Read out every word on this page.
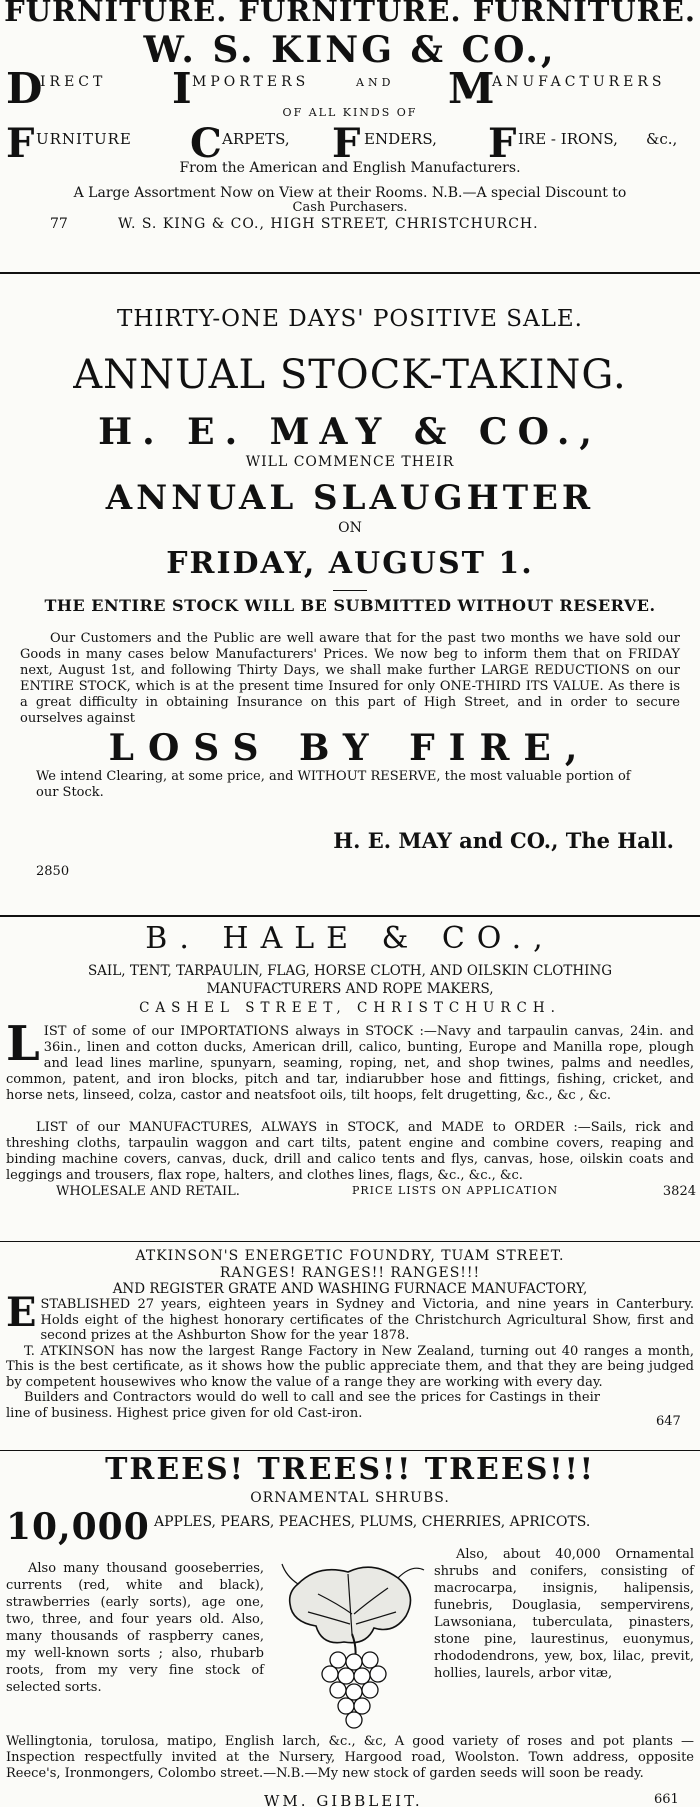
FURNITURE. FURNITURE. FURNITURE.
W. S. KING & CO.,
D
IRECT I
MPORTERS	AND M
ANUFACTURERS
OF ALL KINDS OF
F URNITURE C ARPETS, F ENDERS, F IRE - IRONS, &c.,
From the American and English Manufacturers.
A Large Assortment Now on View at their Rooms. N.B.—A special Discount to
Cash Purchasers.
77	W. S. KING & CO., HIGH STREET, CHRISTCHURCH.
THIRTY-ONE DAYS' POSITIVE SALE.
ANNUAL STOCK-TAKING.
H. E. MAY & CO.,
WILL COMMENCE THEIR
ANNUAL SLAUGHTER
ON
FRIDAY, AUGUST 1.
THE ENTIRE STOCK WILL BE SUBMITTED WITHOUT RESERVE.

Our Customers and the Public are well aware that for the past two months we have sold our Goods in many cases below Manufacturers' Prices. We now beg to inform them that on FRIDAY next, August 1st, and following Thirty Days, we shall make further LARGE REDUCTIONS on our ENTIRE STOCK, which is at the present time Insured for only ONE-THIRD ITS VALUE. As there is a great difficulty in obtaining Insurance on this part of High Street, and in order to secure ourselves against

LOSS BY FIRE,

We intend Clearing, at some price, and WITHOUT RESERVE, the most valuable portion of our Stock.

H. E. MAY and CO., The Hall.
2850
B. HALE & CO.,
SAIL, TENT, TARPAULIN, FLAG, HORSE CLOTH, AND OILSKIN CLOTHING
MANUFACTURERS AND ROPE MAKERS,
CASHEL STREET, CHRISTCHURCH.
L IST of some of our IMPORTATIONS always in STOCK :—Navy and tarpaulin canvas, 24in. and 36in., linen and cotton ducks, American drill, calico, bunting, Europe and Manilla rope, plough and lead lines marline, spunyarn, seaming, roping, net, and shop twines, palms and needles, common, patent, and iron blocks, pitch and tar, indiarubber hose and fittings, fishing, cricket, and horse nets, linseed, colza, castor and neatsfoot oils, tilt hoops, felt drugetting, &c., &c , &c.

LIST of our MANUFACTURES, ALWAYS in STOCK, and MADE to ORDER :—Sails, rick and threshing cloths, tarpaulin waggon and cart tilts, patent engine and combine covers, reaping and binding machine covers, canvas, duck, drill and calico tents and flys, canvas, hose, oilskin coats and leggings and trousers, flax rope, halters, and clothes lines, flags, &c., &c., &c.

WHOLESALE AND RETAIL.	PRICE LISTS ON APPLICATION	3824
ATKINSON'S ENERGETIC FOUNDRY, TUAM STREET.
RANGES! RANGES!! RANGES!!!
AND REGISTER GRATE AND WASHING FURNACE MANUFACTORY,
E STABLISHED 27 years, eighteen years in Sydney and Victoria, and nine years in Canterbury. Holds eight of the highest honorary certificates of the Christchurch Agricultural Show, first and second prizes at the Ashburton Show for the year 1878.

T. ATKINSON has now the largest Range Factory in New Zealand, turning out 40 ranges a month, This is the best certificate, as it shows how the public appreciate them, and that they are being judged by competent housewives who know the value of a range they are working with every day.

Builders and Contractors would do well to call and see the prices for Castings in their line of business. Highest price given for old Cast-iron.

647
TREES! TREES!! TREES!!!
ORNAMENTAL SHRUBS.
10,000 APPLES, PEARS, PEACHES, PLUMS, CHERRIES, APRICOTS.

Also many thousand gooseberries, currents (red, white and black), strawberries (early sorts), age one, two, three, and four years old. Also, many thousands of raspberry canes, my well-known sorts ; also, rhubarb roots, from my very fine stock of selected sorts.

Also, about 40,000 Ornamental shrubs and conifers, consisting of macrocarpa, insignis, halipensis, funebris, Douglasia, sempervirens, Lawsoniana, tuberculata, pinasters, stone pine, laurestinus, euonymus, rhododendrons, yew, box, lilac, previt, hollies, laurels, arbor vitæ,

Wellingtonia, torulosa, matipo, English larch, &c., &c, A good variety of roses and pot plants —Inspection respectfully invited at the Nursery, Hargood road, Woolston. Town address, opposite Reece's, Ironmongers, Colombo street.—N.B.—My new stock of garden seeds will soon be ready.

WM. GIBBLEIT.	661
